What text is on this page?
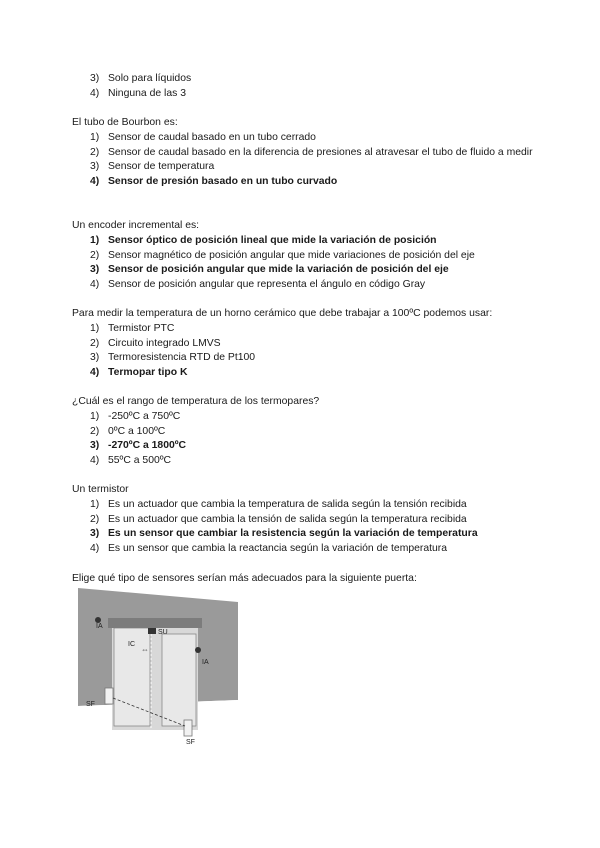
3) Solo para líquidos
4) Ninguna de las 3

El tubo de Bourbon es:

1) Sensor de caudal basado en un tubo cerrado
2) Sensor de caudal basado en la diferencia de presiones al atravesar el tubo de fluido a medir
3) Sensor de temperatura
4) Sensor de presión basado en un tubo curvado

Un encoder incremental es:

1) Sensor óptico de posición lineal que mide la variación de posición
2) Sensor magnético de posición angular que mide variaciones de posición del eje
3) Sensor de posición angular que mide la variación de posición del eje
4) Sensor de posición angular que representa el ángulo en código Gray

Para medir la temperatura de un horno cerámico que debe trabajar a 100ºC podemos usar:

1) Termistor PTC
2) Circuito integrado LMVS
3) Termoresistencia RTD de Pt100
4) Termopar tipo K

¿Cuál es el rango de temperatura de los termopares?

1) -250ºC a 750ºC
2) 0ºC a 100ºC
3) -270ºC a 1800ºC
4) 55ºC a 500ºC

Un termistor

1) Es un actuador que cambia la temperatura de salida según la tensión recibida
2) Es un actuador que cambia la tensión de salida según la temperatura recibida
3) Es un sensor que cambiar la resistencia según la variación de temperatura
4) Es un sensor que cambia la reactancia según la variación de temperatura

Elige qué tipo de sensores serían más adecuados para la siguiente puerta:

⇔
IA
SU
IC
IA
SF
SF
